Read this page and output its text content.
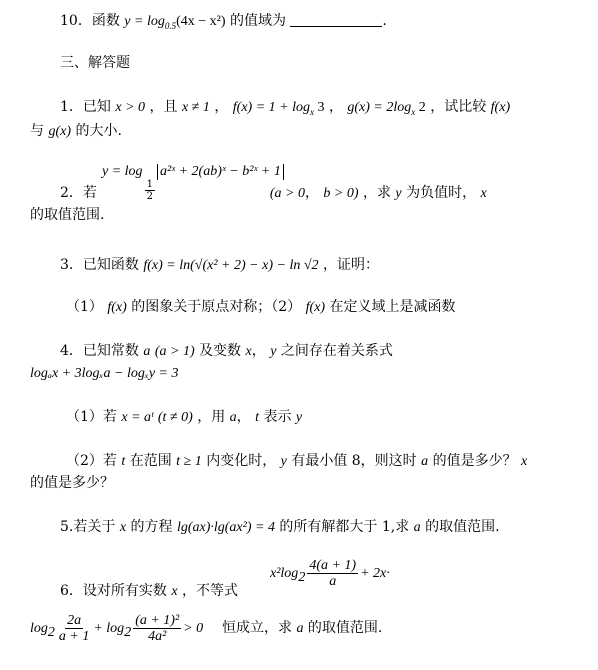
10．函数 $y = \log_{0.5}(4x - x^2)$ 的值域为	.
三、解答题
1．已知 x > 0 ，且 x ≠ 1 ， $f(x) = 1 + \log_x 3$ ， $g(x) = 2\log_x$ 2 ，试比较 f(x)
与 g(x) 的大小.
y = log
$\frac{1}{2}$
a²ˣ + 2(ab)ˣ − b²ˣ + 1
2．若	(a > 0， b > 0) ，求 y 为负值时， x
的取值范围.
3．已知函数 f(x) = ln(√(x² + 2) − x) − ln √2 ，证明：
（1） f(x) 的图象关于原点对称；（2） f(x) 在定义域上是减函数
4．已知常数 a (a > 1) 及变数 x， y 之间存在着关系式
logₐx + 3logₓa − logₓy = 3
（1）若 x = aᵗ (t ≠ 0) ，用 a， t 表示 y
（2）若 t 在范围 t ≥ 1 内变化时， y 有最小值 8，则这时 a 的值是多少？ x
的值是多少？
5.若关于 x 的方程 lg(ax)·lg(ax²) = 4 的所有解都大于 1,求 a 的取值范围.
6．设对所有实数 x ，不等式
$x^2\log_2 \frac{4(a + 1)}{a} + 2x\cdot$
$\log_2 \frac{2a}{a + 1} + \log_2 \frac{\text{(a + 1)²}}{\text{4a²}} > 0$ 恒成立，求 a 的取值范围.
